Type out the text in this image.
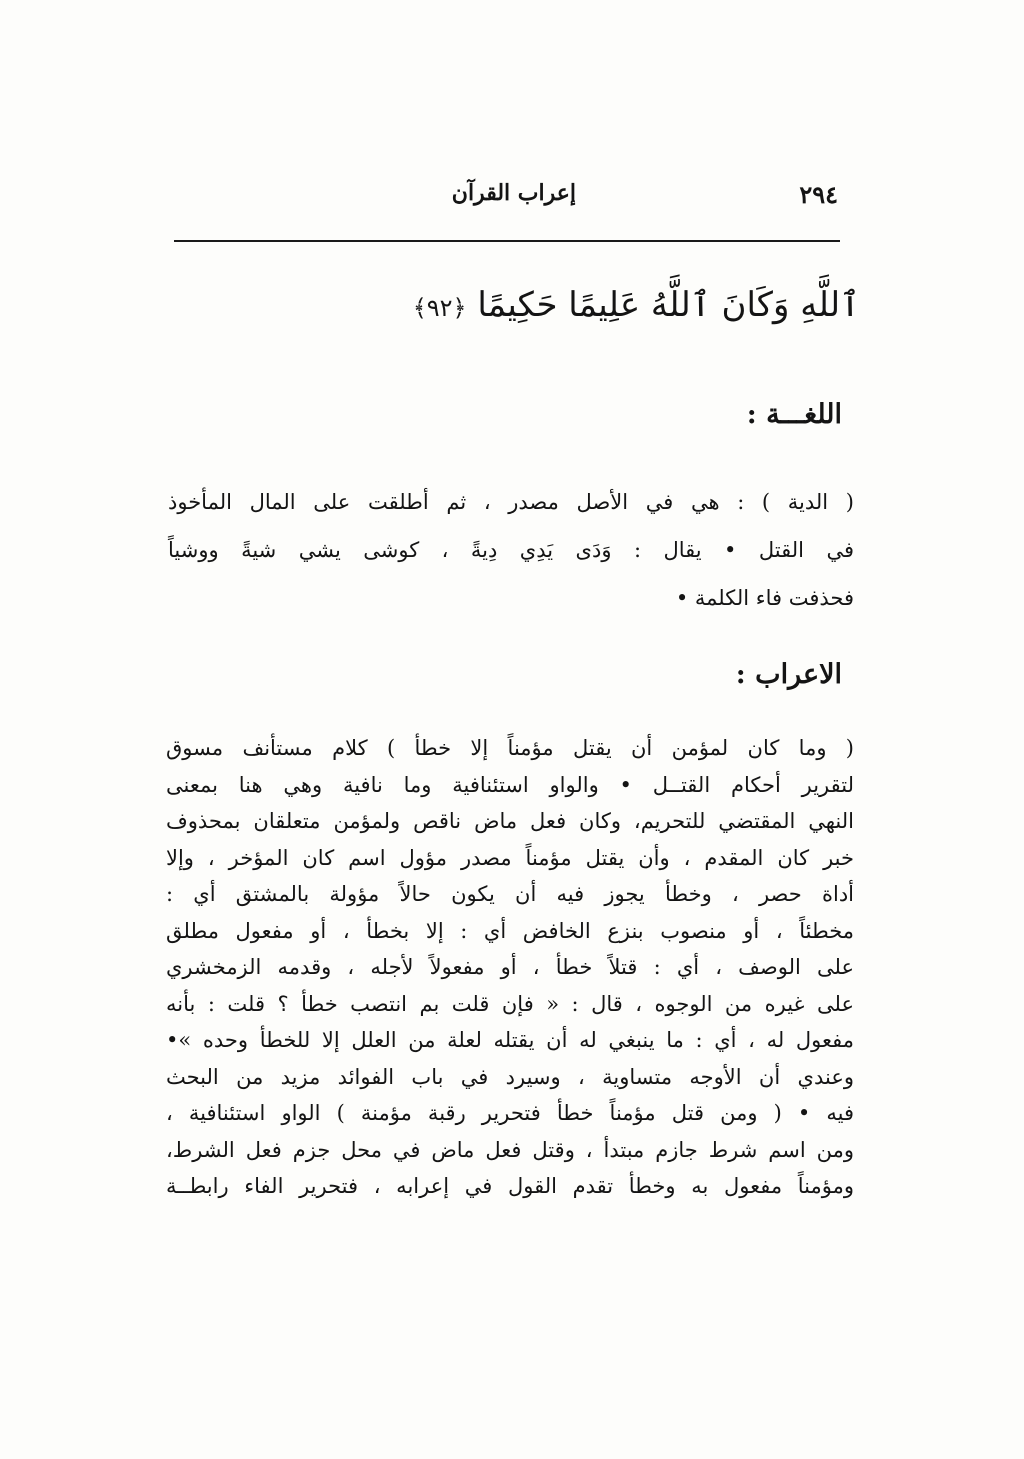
٢٩٤
إعراب القرآن
ٱللَّهِ وَكَانَ ٱللَّهُ عَلِيمًا حَكِيمًا ﴿٩٢﴾
اللغـــة :
( الدية ) : هي في الأصل مصدر ، ثم أطلقت على المال المأخوذ
في القتل • يقال : وَدَى يَدِي دِيةً ، كوشى يشي شيةً ووشياً
فحذفت فاء الكلمة •
الاعراب :
( وما كان لمؤمن أن يقتل مؤمناً إلا خطأ ) كلام مستأنف مسوق
لتقرير أحكام القتــل • والواو استئنافية وما نافية وهي هنا بمعنى
النهي المقتضي للتحريم، وكان فعل ماض ناقص ولمؤمن متعلقان بمحذوف
خبر كان المقدم ، وأن يقتل مؤمناً مصدر مؤول اسم كان المؤخر ، وإلا
أداة حصر ، وخطأ يجوز فيه أن يكون حالاً مؤولة بالمشتق أي :
مخطئاً ، أو منصوب بنزع الخافض أي : إلا بخطأ ، أو مفعول مطلق
على الوصف ، أي : قتلاً خطأ ، أو مفعولاً لأجله ، وقدمه الزمخشري
على غيره من الوجوه ، قال : « فإن قلت بم انتصب خطأ ؟ قلت : بأنه
مفعول له ، أي : ما ينبغي له أن يقتله لعلة من العلل إلا للخطأ وحده »•
وعندي أن الأوجه متساوية ، وسيرد في باب الفوائد مزيد من البحث
فيه • ( ومن قتل مؤمناً خطأ فتحرير رقبة مؤمنة ) الواو استئنافية ،
ومن اسم شرط جازم مبتدأ ، وقتل فعل ماض في محل جزم فعل الشرط،
ومؤمناً مفعول به وخطأ تقدم القول في إعرابه ، فتحرير الفاء رابطــة
